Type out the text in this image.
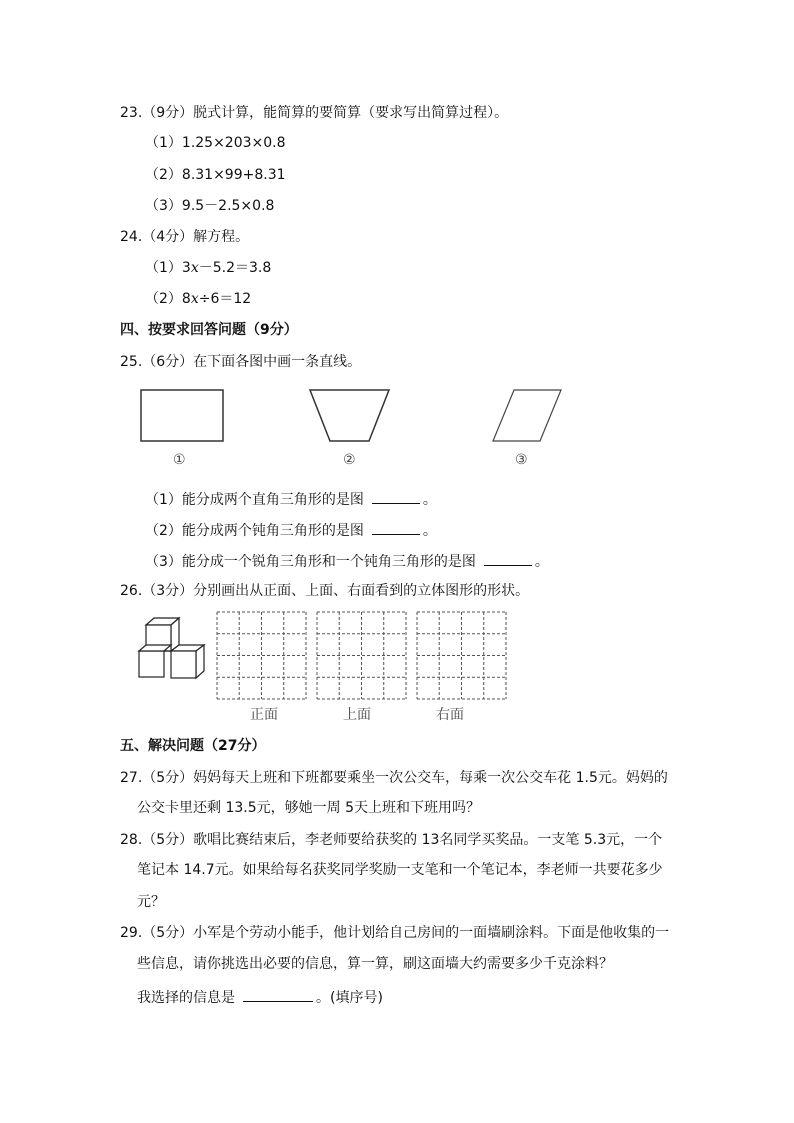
23.（9分）脱式计算，能简算的要简算（要求写出简算过程）。
（1）1.25×203×0.8
（2）8.31×99+8.31
（3）9.5－2.5×0.8
24.（4分）解方程。
（1）3x－5.2＝3.8
（2）8x÷6＝12
四、按要求回答问题（9分）
25.（6分）在下面各图中画一条直线。
①	②	③
（1）能分成两个直角三角形的是图	。
（2）能分成两个钝角三角形的是图	。
（3）能分成一个锐角三角形和一个钝角三角形的是图	。
26.（3分）分别画出从正面、上面、右面看到的立体图形的形状。
正面	上面	右面
五、解决问题（27分）
27.（5分）妈妈每天上班和下班都要乘坐一次公交车，每乘一次公交车花 1.5元。妈妈的
公交卡里还剩 13.5元，够她一周 5天上班和下班用吗？
28.（5分）歌唱比赛结束后，李老师要给获奖的 13名同学买奖品。一支笔 5.3元，一个
笔记本 14.7元。如果给每名获奖同学奖励一支笔和一个笔记本，李老师一共要花多少
元？
29.（5分）小军是个劳动小能手，他计划给自己房间的一面墙刷涂料。下面是他收集的一
些信息，请你挑选出必要的信息，算一算，刷这面墙大约需要多少千克涂料？
我选择的信息是	。(填序号)
